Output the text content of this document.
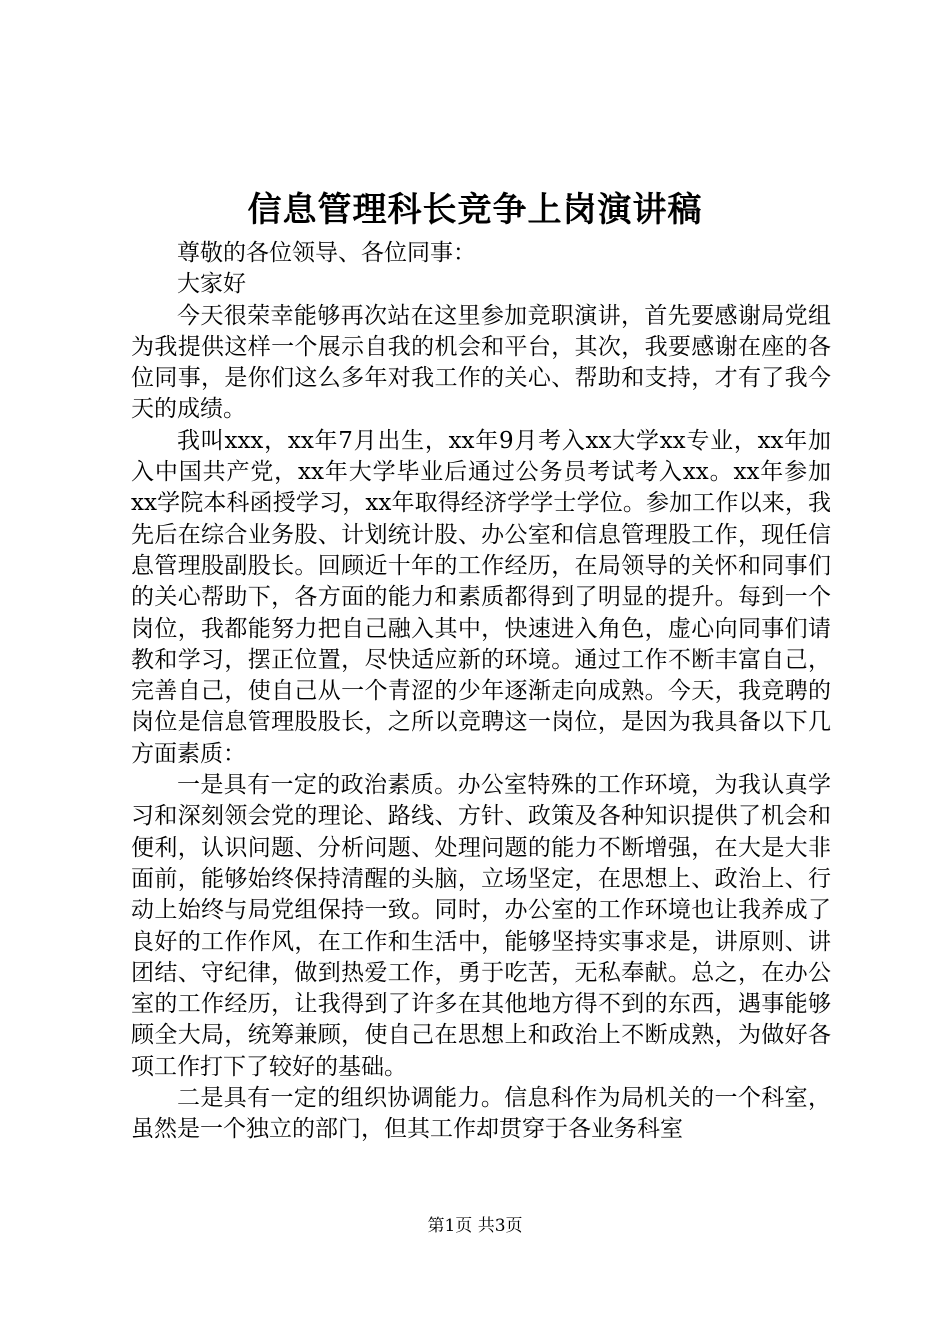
信息管理科长竞争上岗演讲稿

尊敬的各位领导、各位同事：

大家好

今天很荣幸能够再次站在这里参加竞职演讲，首先要感谢局党组为我提供这样一个展示自我的机会和平台，其次，我要感谢在座的各位同事，是你们这么多年对我工作的关心、帮助和支持，才有了我今天的成绩。

我叫xxx，xx年7月出生，xx年9月考入xx大学xx专业，xx年加入中国共产党，xx年大学毕业后通过公务员考试考入xx。xx年参加xx学院本科函授学习，xx年取得经济学学士学位。参加工作以来，我先后在综合业务股、计划统计股、办公室和信息管理股工作，现任信息管理股副股长。回顾近十年的工作经历，在局领导的关怀和同事们的关心帮助下，各方面的能力和素质都得到了明显的提升。每到一个岗位，我都能努力把自己融入其中，快速进入角色，虚心向同事们请教和学习，摆正位置，尽快适应新的环境。通过工作不断丰富自己，完善自己，使自己从一个青涩的少年逐渐走向成熟。今天，我竞聘的岗位是信息管理股股长，之所以竞聘这一岗位，是因为我具备以下几方面素质：

一是具有一定的政治素质。办公室特殊的工作环境，为我认真学习和深刻领会党的理论、路线、方针、政策及各种知识提供了机会和便利，认识问题、分析问题、处理问题的能力不断增强，在大是大非面前，能够始终保持清醒的头脑，立场坚定，在思想上、政治上、行动上始终与局党组保持一致。同时，办公室的工作环境也让我养成了良好的工作作风，在工作和生活中，能够坚持实事求是，讲原则、讲团结、守纪律，做到热爱工作，勇于吃苦，无私奉献。总之，在办公室的工作经历，让我得到了许多在其他地方得不到的东西，遇事能够顾全大局，统筹兼顾，使自己在思想上和政治上不断成熟，为做好各项工作打下了较好的基础。

二是具有一定的组织协调能力。信息科作为局机关的一个科室，虽然是一个独立的部门，但其工作却贯穿于各业务科室

第1页 共3页
